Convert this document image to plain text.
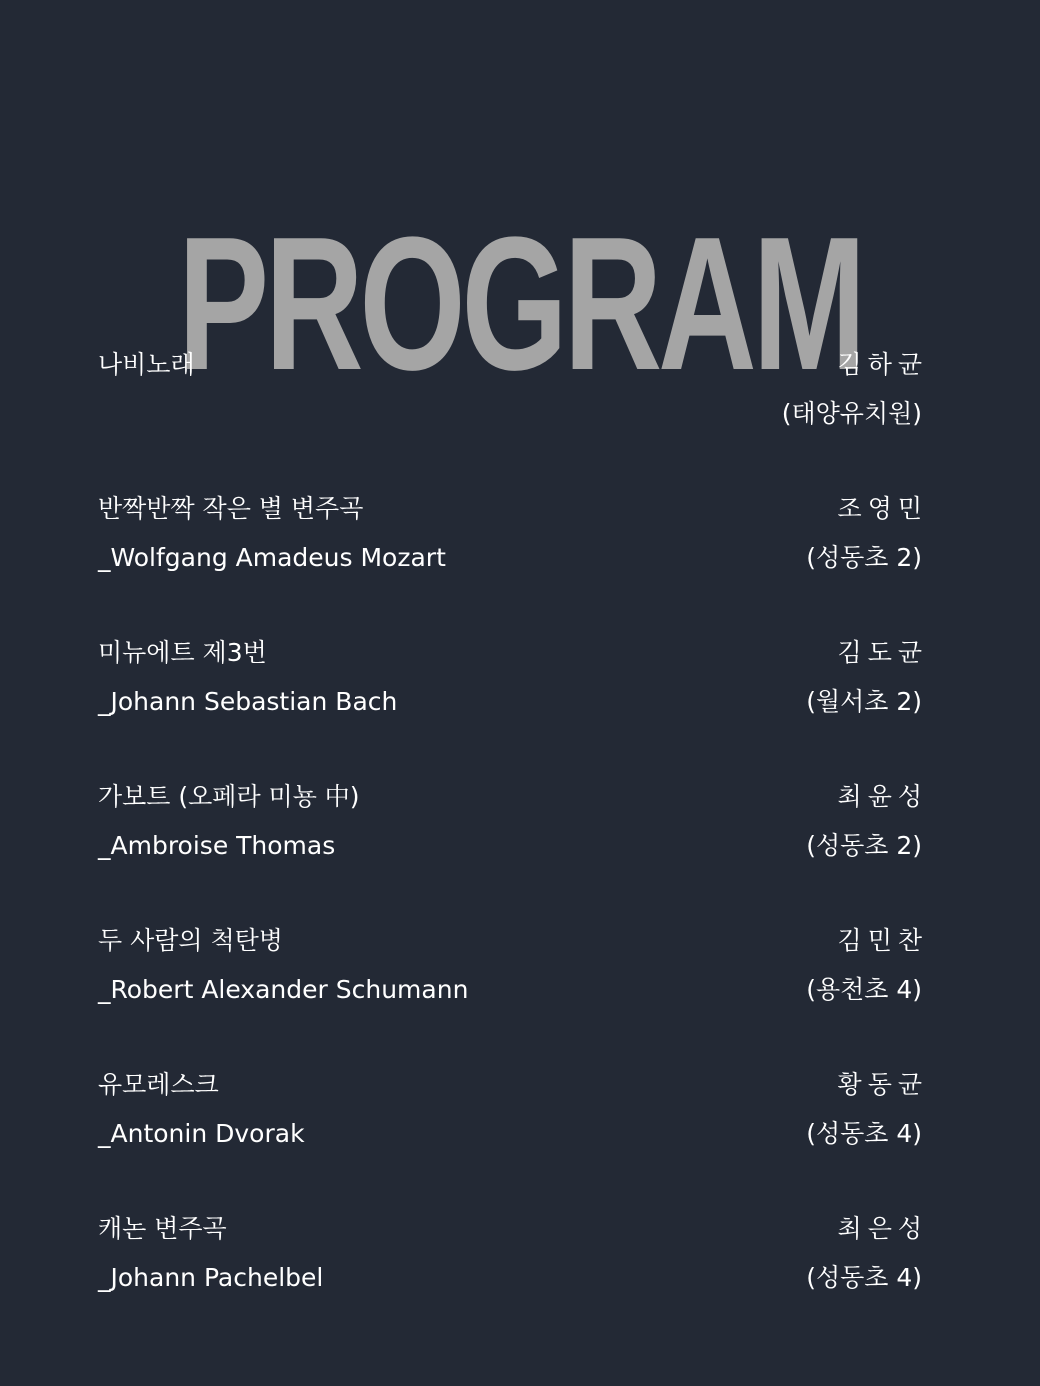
PROGRAM
나비노래	김하균
(태양유치원)
반짝반짝 작은 별 변주곡	조영민
_Wolfgang Amadeus Mozart	(성동초 2)
미뉴에트 제3번	김도균
_Johann Sebastian Bach	(월서초 2)
가보트 (오페라 미뇽 中)	최윤성
_Ambroise Thomas	(성동초 2)
두 사람의 척탄병	김민찬
_Robert Alexander Schumann	(용천초 4)
유모레스크	황동균
_Antonin Dvorak	(성동초 4)
캐논 변주곡	최은성
_Johann Pachelbel	(성동초 4)
